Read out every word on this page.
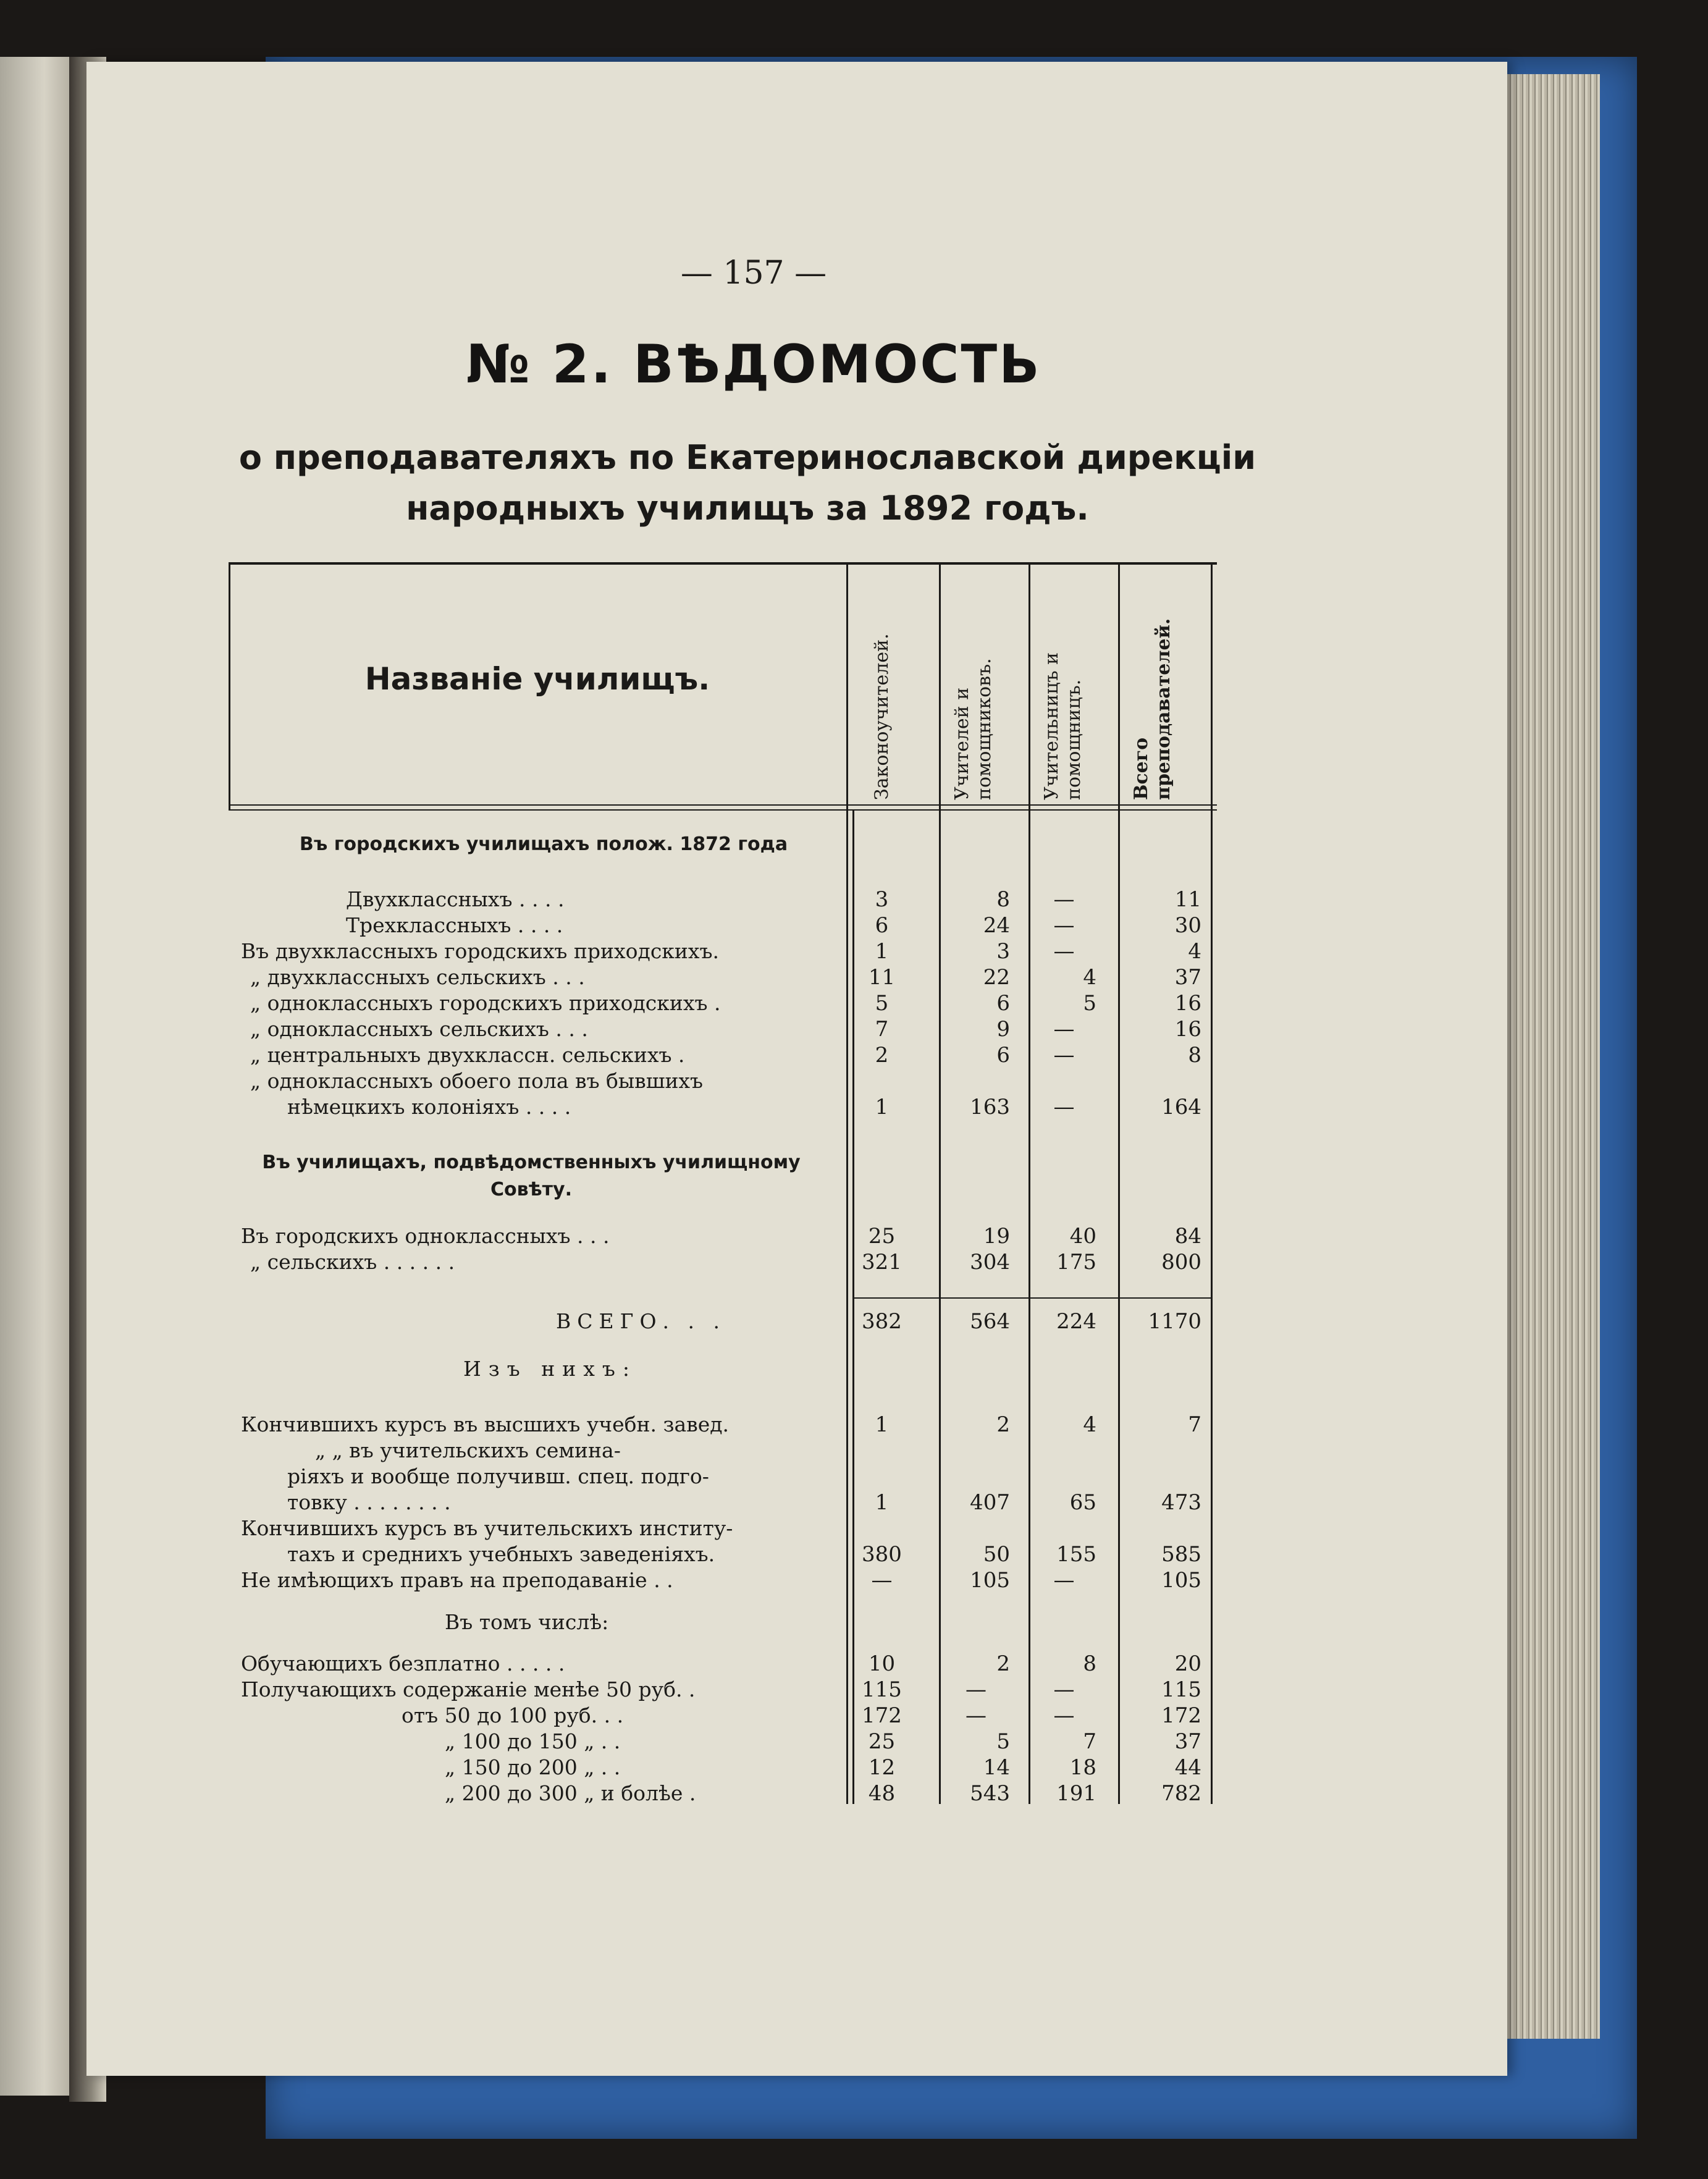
— 157 —
№ 2. ВѢДОМОСТЬ
о преподавателяхъ по Екатеринославской дирекціи народныхъ училищъ за 1892 годъ.
Названіе училищъ.	Законоучителей.	Учителей и помощниковъ.	Учительницъ и помощницъ.	Всего преподавателей.
Въ городскихъ училищахъ полож. 1872 года
Двухклассныхъ . . . .	3	8	—	11
Трехклассныхъ . . . .	6	24	—	30
Въ двухклассныхъ городскихъ приходскихъ.	1	3	—	4
„ двухклассныхъ сельскихъ . . .	11	22	4	37
„ одноклассныхъ городскихъ приходскихъ .	5	6	5	16
„ одноклассныхъ сельскихъ . . .	7	9	—	16
„ центральныхъ двухклассн. сельскихъ .	2	6	—	8
„ одноклассныхъ обоего пола въ бывшихъ
нѣмецкихъ колоніяхъ . . . .	1	163	—	164
Въ училищахъ, подвѣдомственныхъ училищному Совѣту.
Въ городскихъ одноклассныхъ . . .	25	19	40	84
„ сельскихъ . . . . . .	321	304	175	800
ВСЕГО. . .	382	564	224	1170
Изъ нихъ:
Кончившихъ курсъ въ высшихъ учебн. завед.	1	2	4	7
„ „ въ учительскихъ семина-
ріяхъ и вообще получивш. спец. подго-
товку . . . . . . . .	1	407	65	473
Кончившихъ курсъ въ учительскихъ институ-
тахъ и среднихъ учебныхъ заведеніяхъ.	380	50	155	585
Не имѣющихъ правъ на преподаваніе . .	—	105	—	105
Въ томъ числѣ:
Обучающихъ безплатно . . . . .	10	2	8	20
Получающихъ содержаніе менѣе 50 руб. .	115	—	—	115
отъ 50 до 100 руб. . .	172	—	—	172
„ 100 до 150 „ . .	25	5	7	37
„ 150 до 200 „ . .	12	14	18	44
„ 200 до 300 „ и болѣе .	48	543	191	782
